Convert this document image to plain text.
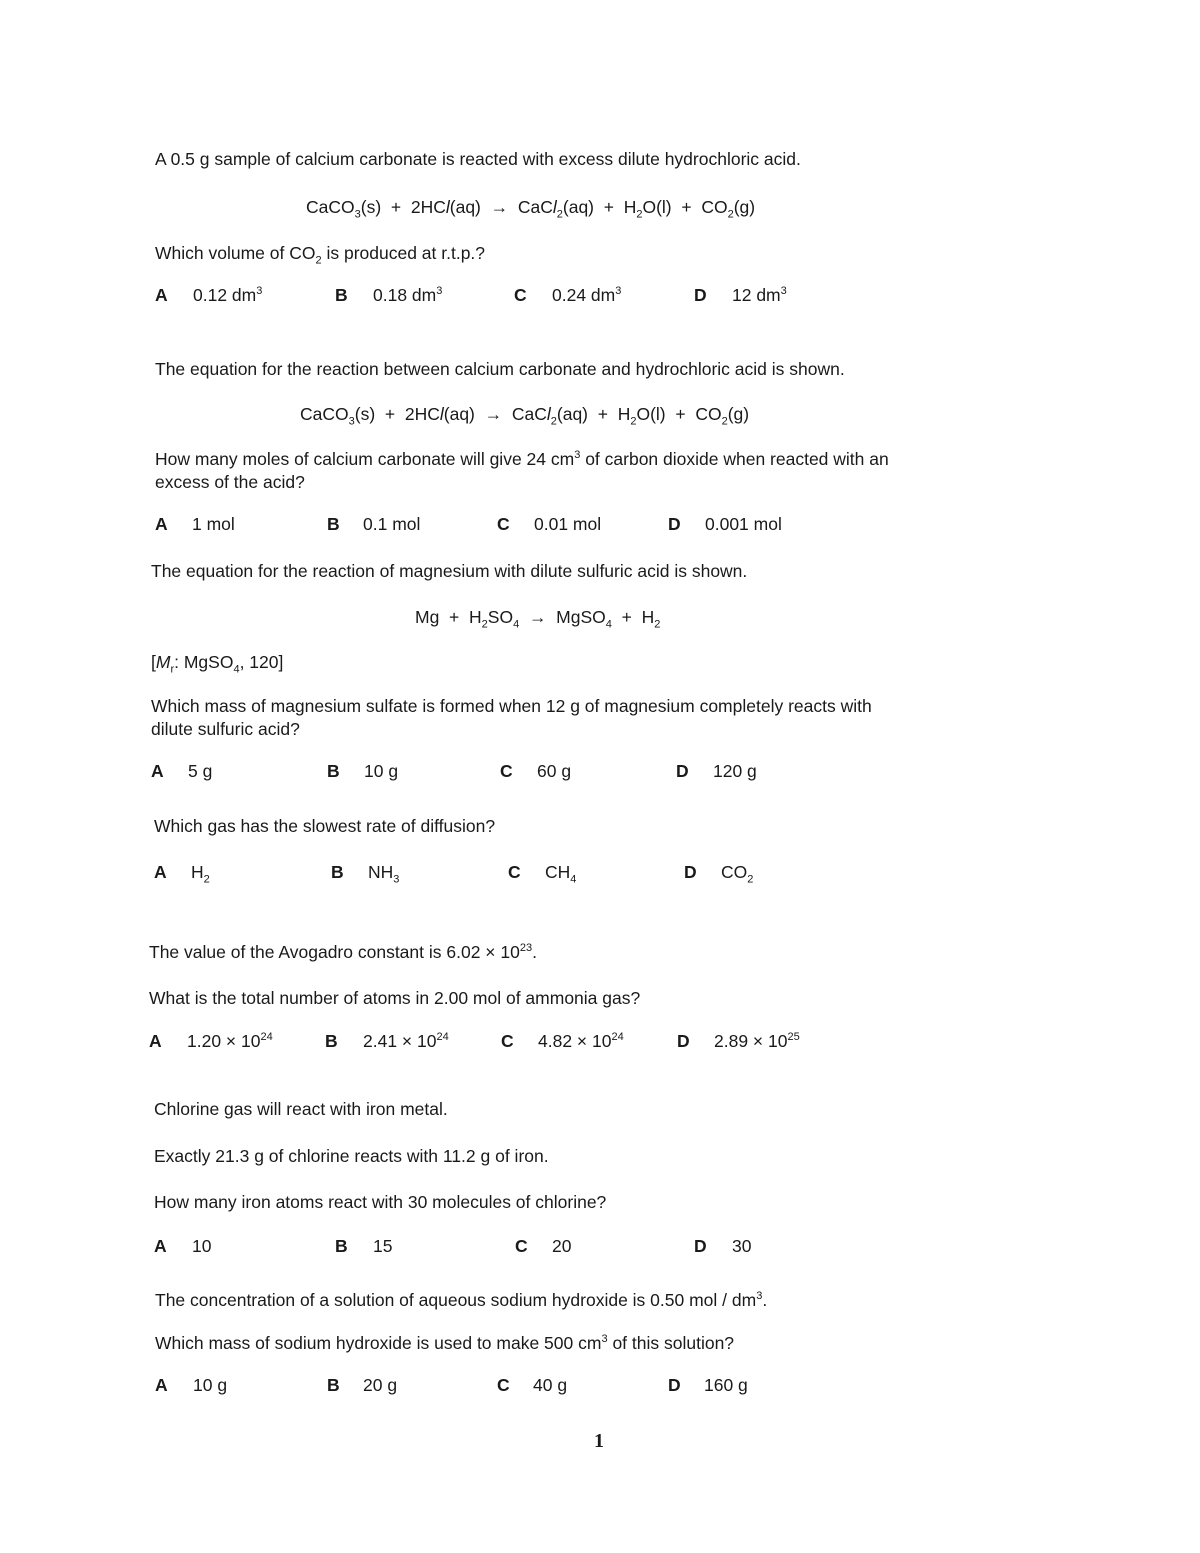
A 0.5 g sample of calcium carbonate is reacted with excess dilute hydrochloric acid.
CaCO$_3$(s) + 2HCl(aq) → CaCl$_2$(aq) + $H_2O(l) + CO_2(g)$
Which volume of $CO_2$ is produced at r.t.p.?
A 0.12 $dm^3$	B 0.18 $dm^3$	C 0.24 $dm^3$	D 12 $dm^3$
The equation for the reaction between calcium carbonate and hydrochloric acid is shown.
CaCO$_3$(s) + 2HCl(aq) → CaCl$_2$(aq) + $H_2O(l) + CO_2(g)$
How many moles of calcium carbonate will give 24 $cm^3$ of carbon dioxide when reacted with an
excess of the acid?
A 1 mol	B 0.1 mol	C 0.01 mol	D 0.001 mol
The equation for the reaction of magnesium with dilute sulfuric acid is shown.
$Mg + H_2SO_4$ → MgSO$_4$ + $H_2$
[$M_r$: MgSO$_4$, 120]
Which mass of magnesium sulfate is formed when 12 g of magnesium completely reacts with
dilute sulfuric acid?
A 5 g	B 10 g	C 60 g	D 120 g
Which gas has the slowest rate of diffusion?
A $H_2$	B $NH_3$	C $CH_4$	D $CO_2$
The value of the Avogadro constant is $6.02 \times 10^{23}$.
What is the total number of atoms in 2.00 mol of ammonia gas?
A $1.20 \times 10^{24}$	B $2.41 \times 10^{24}$	C $4.82 \times 10^{24}$	D $2.89 \times 10^{25}$
Chlorine gas will react with iron metal.
Exactly 21.3 g of chlorine reacts with 11.2 g of iron.
How many iron atoms react with 30 molecules of chlorine?
A 10	B 15	C 20	D 30
The concentration of a solution of aqueous sodium hydroxide is 0.50 mol / $dm^3$.
Which mass of sodium hydroxide is used to make 500 $cm^3$ of this solution?
A 10 g	B 20 g	C 40 g	D 160 g
1
